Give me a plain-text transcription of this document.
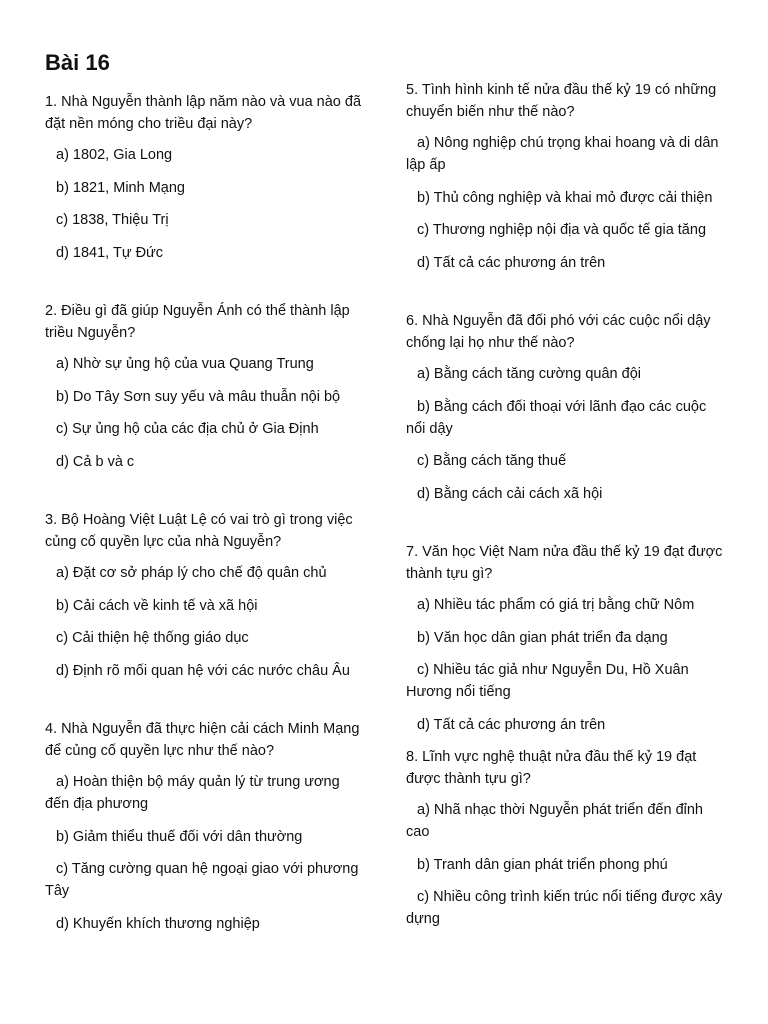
Bài 16

1. Nhà Nguyễn thành lập năm nào và vua nào đã đặt nền móng cho triều đại này?

a) 1802, Gia Long
b) 1821, Minh Mạng
c) 1838, Thiệu Trị
d) 1841, Tự Đức

2. Điều gì đã giúp Nguyễn Ánh có thể thành lập triều Nguyễn?

a) Nhờ sự ủng hộ của vua Quang Trung
b) Do Tây Sơn suy yếu và mâu thuẫn nội bộ
c) Sự ủng hộ của các địa chủ ở Gia Định
d) Cả b và c

3. Bộ Hoàng Việt Luật Lệ có vai trò gì trong việc củng cố quyền lực của nhà Nguyễn?

a) Đặt cơ sở pháp lý cho chế độ quân chủ
b) Cải cách về kinh tế và xã hội
c) Cải thiện hệ thống giáo dục
d) Định rõ mối quan hệ với các nước châu Âu

4. Nhà Nguyễn đã thực hiện cải cách Minh Mạng để củng cố quyền lực như thế nào?

a) Hoàn thiện bộ máy quản lý từ trung ương đến địa phương
b) Giảm thiểu thuế đối với dân thường
c) Tăng cường quan hệ ngoại giao với phương Tây
d) Khuyến khích thương nghiệp

5. Tình hình kinh tế nửa đầu thế kỷ 19 có những chuyển biến như thế nào?

a) Nông nghiệp chú trọng khai hoang và di dân lập ấp
b) Thủ công nghiệp và khai mỏ được cải thiện
c) Thương nghiệp nội địa và quốc tế gia tăng
d) Tất cả các phương án trên

6. Nhà Nguyễn đã đối phó với các cuộc nổi dậy chống lại họ như thế nào?

a) Bằng cách tăng cường quân đội
b) Bằng cách đối thoại với lãnh đạo các cuộc nổi dậy
c) Bằng cách tăng thuế
d) Bằng cách cải cách xã hội

7. Văn học Việt Nam nửa đầu thế kỷ 19 đạt được thành tựu gì?

a) Nhiều tác phẩm có giá trị bằng chữ Nôm
b) Văn học dân gian phát triển đa dạng
c) Nhiều tác giả như Nguyễn Du, Hồ Xuân Hương nổi tiếng
d) Tất cả các phương án trên

8. Lĩnh vực nghệ thuật nửa đầu thế kỷ 19 đạt được thành tựu gì?

a) Nhã nhạc thời Nguyễn phát triển đến đỉnh cao
b) Tranh dân gian phát triển phong phú
c) Nhiều công trình kiến trúc nổi tiếng được xây dựng
